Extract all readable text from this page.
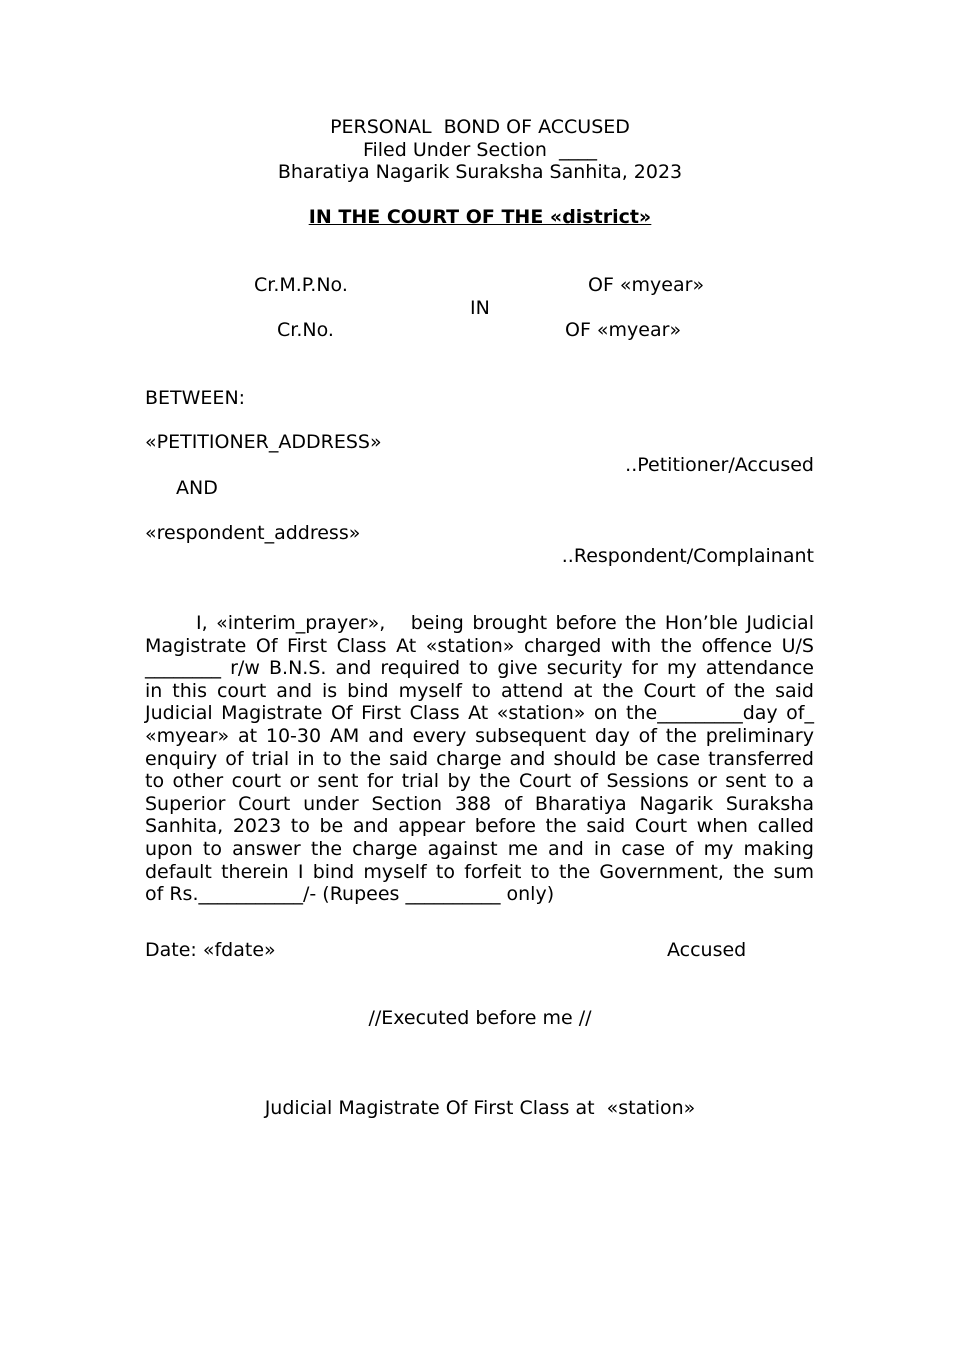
PERSONAL  BOND OF ACCUSED
Filed Under Section  ____
Bharatiya Nagarik Suraksha Sanhita, 2023
IN THE COURT OF THE «district»
Cr.M.P.No.	OF «myear»
IN
Cr.No.	OF «myear»
BETWEEN:
«PETITIONER_ADDRESS»
..Petitioner/Accused
AND
«respondent_address»
..Respondent/Complainant
I, «interim_prayer»,   being brought before the Hon’ble Judicial
Magistrate Of First Class At «station» charged with the offence U/S
________ r/w B.N.S. and required to give security for my attendance
in this court and is bind myself to attend at the Court of the said
Judicial Magistrate Of First Class At «station» on the_________day of_
«myear» at 10-30 AM and every subsequent day of the preliminary
enquiry of trial in to the said charge and should be case transferred
to other court or sent for trial by the Court of Sessions or sent to a
Superior Court under Section 388 of Bharatiya Nagarik Suraksha
Sanhita, 2023 to be and appear before the said Court when called
upon to answer the charge against me and in case of my making
default therein I bind myself to forfeit to the Government, the sum
of Rs.___________/- (Rupees __________ only)
Date: «fdate»	Accused
//Executed before me //
Judicial Magistrate Of First Class at  «station»
